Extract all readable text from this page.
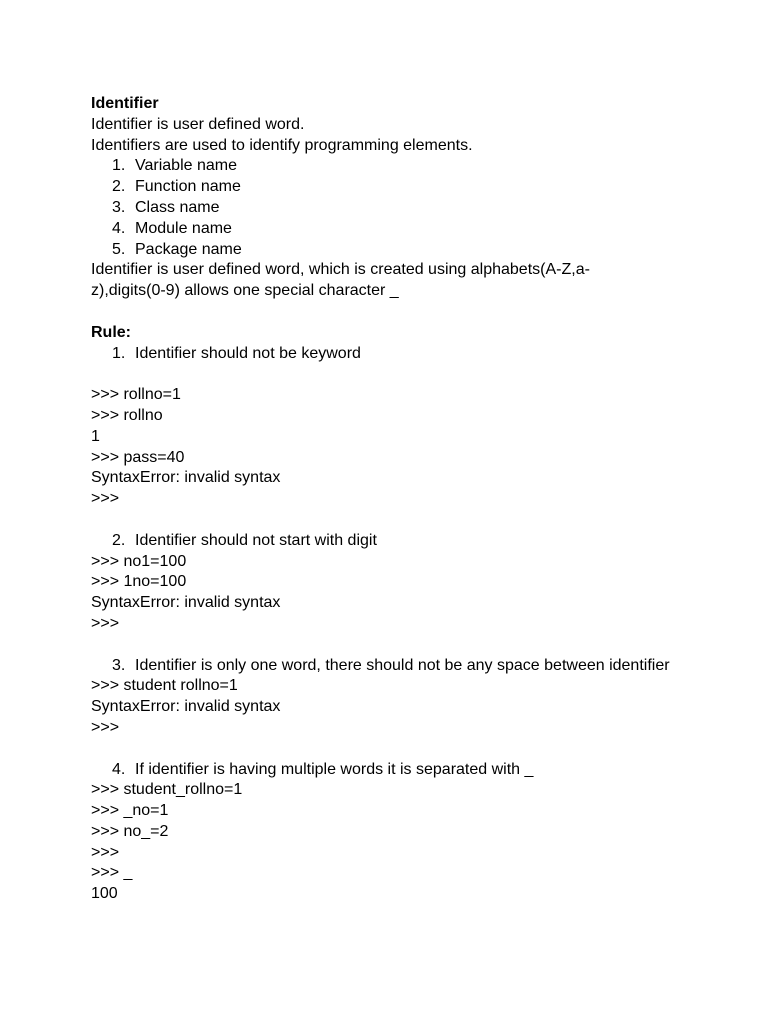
Identifier
Identifier is user defined word.
Identifiers are used to identify programming elements.
1. Variable name
2. Function name
3. Class name
4. Module name
5. Package name
Identifier is user defined word, which is created using alphabets(A-Z,a-
z),digits(0-9) allows one special character _
Rule:
1. Identifier should not be keyword
>>> rollno=1
>>> rollno
1
>>> pass=40
SyntaxError: invalid syntax
>>>
2. Identifier should not start with digit
>>> no1=100
>>> 1no=100
SyntaxError: invalid syntax
>>>
3. Identifier is only one word, there should not be any space between identifier
>>> student rollno=1
SyntaxError: invalid syntax
>>>
4. If identifier is having multiple words it is separated with _
>>> student_rollno=1
>>> _no=1
>>> no_=2
>>>
>>> _
100
